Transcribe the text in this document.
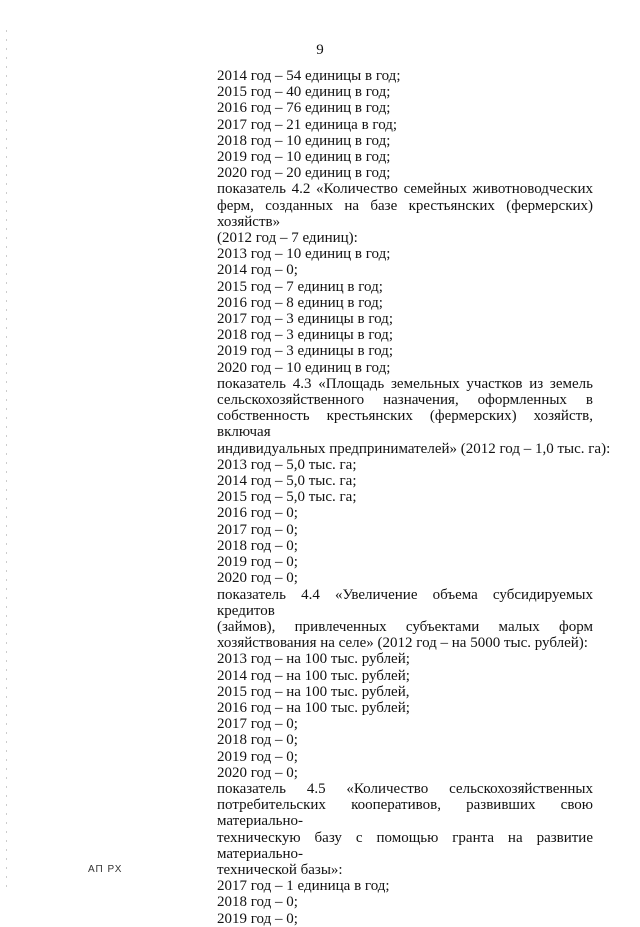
9
2014 год – 54 единицы в год;
2015 год – 40 единиц в год;
2016 год – 76 единиц в год;
2017 год – 21 единица в год;
2018 год – 10 единиц в год;
2019 год – 10 единиц в год;
2020 год – 20 единиц в год;
показатель 4.2 «Количество семейных животноводческих
ферм, созданных на базе крестьянских (фермерских) хозяйств»
(2012 год – 7 единиц):
2013 год – 10 единиц в год;
2014 год – 0;
2015 год – 7 единиц в год;
2016 год – 8 единиц в год;
2017 год – 3 единицы в год;
2018 год – 3 единицы в год;
2019 год – 3 единицы в год;
2020 год – 10 единиц в год;
показатель 4.3 «Площадь земельных участков из земель
сельскохозяйственного назначения, оформленных в
собственность крестьянских (фермерских) хозяйств, включая
индивидуальных предпринимателей» (2012 год – 1,0 тыс. га):
2013 год – 5,0 тыс. га;
2014 год – 5,0 тыс. га;
2015 год – 5,0 тыс. га;
2016 год – 0;
2017 год – 0;
2018 год – 0;
2019 год – 0;
2020 год – 0;
показатель 4.4 «Увеличение объема субсидируемых кредитов
(займов), привлеченных субъектами малых форм
хозяйствования на селе» (2012 год – на 5000 тыс. рублей):
2013 год – на 100 тыс. рублей;
2014 год – на 100 тыс. рублей;
2015 год – на 100 тыс. рублей,
2016 год – на 100 тыс. рублей;
2017 год – 0;
2018 год – 0;
2019 год – 0;
2020 год – 0;
показатель 4.5 «Количество сельскохозяйственных
потребительских кооперативов, развивших свою материально-
техническую базу с помощью гранта на развитие материально-
технической базы»:
2017 год – 1 единица в год;
2018 год – 0;
2019 год – 0;
АП РХ
